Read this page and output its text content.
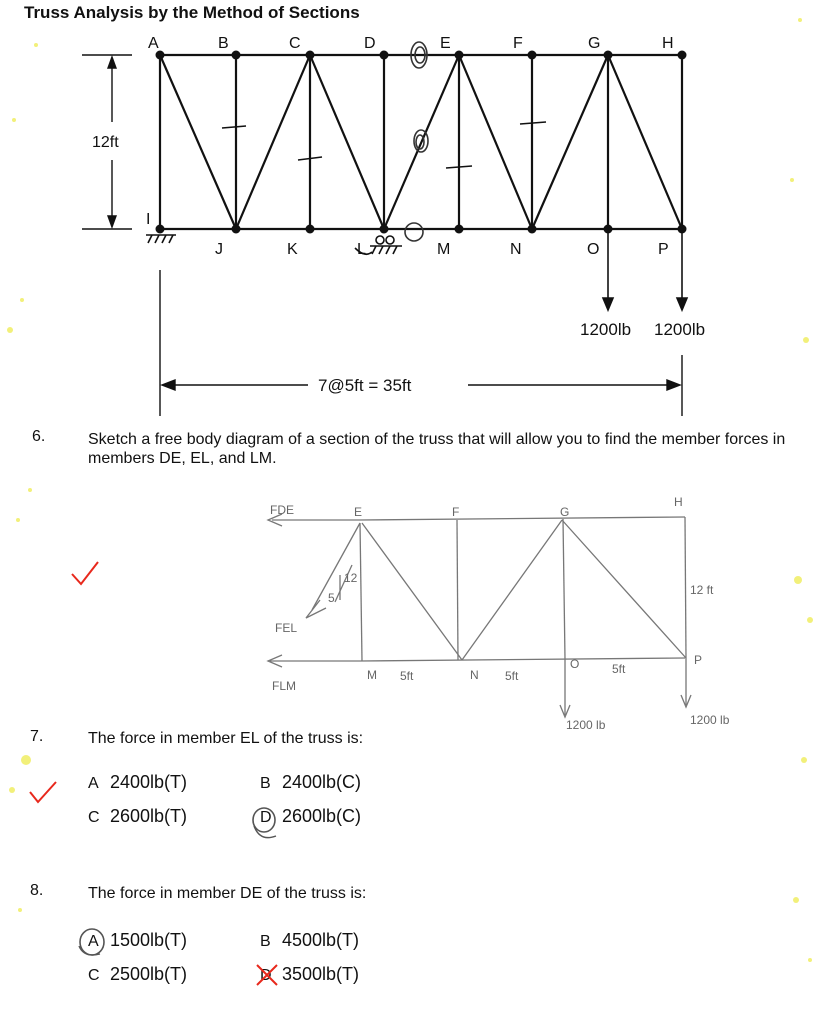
Truss Analysis by the Method of Sections
A	B	C	D	E	F	G	H
I
J	K	L	M	N	O	P
12ft
1200lb 1200lb
7@5ft = 35ft
6.	Sketch a free body diagram of a section of the truss that will allow you to find the member forces in members DE, EL, and LM.
FDE
FEL
FLM
E	F	G
H
M	N
O	P
12
5
12 ft
5ft	5ft	5ft
1200 lb	1200 lb
7.	The force in member EL of the truss is:
A 2400lb(T)	B 2400lb(C)
C 2600lb(T)	D 2600lb(C)
8.	The force in member DE of the truss is:
A 1500lb(T)	B 4500lb(T)
C 2500lb(T)	D 3500lb(T)
